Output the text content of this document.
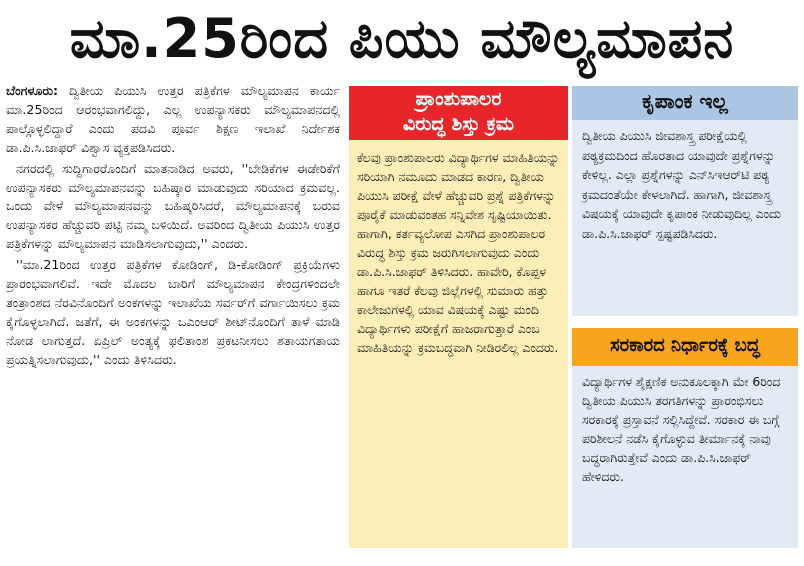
ಮಾ.25ರಿಂದ ಪಿಯು ಮೌಲ್ಯಮಾಪನ

ಬೆಂಗಳೂರು: ದ್ವಿತೀಯ ಪಿಯುಸಿ ಉತ್ತರ ಪತ್ರಿಕೆಗಳ ಮೌಲ್ಯಮಾಪನ ಕಾರ್ಯ ಮಾ.25ರಿಂದ ಆರಂಭವಾಗಲಿದ್ದು, ಎಲ್ಲ ಉಪನ್ಯಾಸಕರು ಮೌಲ್ಯಮಾಪನದಲ್ಲಿ ಪಾಲ್ಗೊಳ್ಳಲಿದ್ದಾರೆ ಎಂದು ಪದವಿ ಪೂರ್ವ ಶಿಕ್ಷಣ ಇಲಾಖೆ ನಿರ್ದೇಶಕ ಡಾ.ಪಿ.ಸಿ.ಜಾಫರ್ ವಿಶ್ವಾಸ ವ್ಯಕ್ತಪಡಿಸಿದರು.

ನಗರದಲ್ಲಿ ಸುದ್ದಿಗಾರರೊಂದಿಗೆ ಮಾತನಾಡಿದ ಅವರು, ''ಬೇಡಿಕೆಗಳ ಈಡೇರಿಕೆಗೆ ಉಪನ್ಯಾಸಕರು ಮೌಲ್ಯಮಾಪನವನ್ನು ಬಹಿಷ್ಕಾರ ಮಾಡುವುದು ಸರಿಯಾದ ಕ್ರಮವಲ್ಲ. ಒಂದು ವೇಳೆ ಮೌಲ್ಯಮಾಪನವನ್ನು ಬಹಿಷ್ಕರಿಸಿದರೆ, ಮೌಲ್ಯಮಾಪನಕ್ಕೆ ಬರುವ ಉಪನ್ಯಾಸಕರ ಹೆಚ್ಚುವರಿ ಪಟ್ಟಿ ನಮ್ಮ ಬಳಿಯಿದೆ. ಅವರಿಂದ ದ್ವಿತೀಯ ಪಿಯುಸಿ ಉತ್ತರ ಪತ್ರಿಕೆಗಳನ್ನು ಮೌಲ್ಯಮಾಪನ ಮಾಡಿಸಲಾಗುವುದು,'' ಎಂದರು.

''ಮಾ.21ರಿಂದ ಉತ್ತರ ಪತ್ರಿಕೆಗಳ ಕೋಡಿಂಗ್, ಡಿ-ಕೋಡಿಂಗ್ ಪ್ರಕ್ರಿಯೆಗಳು ಪ್ರಾರಂಭವಾಗಲಿವೆ. ಇದೇ ಮೊದಲ ಬಾರಿಗೆ ಮೌಲ್ಯಮಾಪನ ಕೇಂದ್ರಗಳಿಂದಲೇ ತಂತ್ರಾಂಶದ ನೆರವಿನೊಂದಿಗೆ ಅಂಕಗಳನ್ನು ಇಲಾಖೆಯ ಸರ್ವರ್‌ಗೆ ವರ್ಗಾಯಿಸಲು ಕ್ರಮ ಕೈಗೊಳ್ಳಲಾಗಿದೆ. ಜತೆಗೆ, ಈ ಅಂಕಗಳನ್ನು ಒಎಂಆರ್ ಶೀಟ್‌ನೊಂದಿಗೆ ತಾಳೆ ಮಾಡಿ ನೋಡ ಲಾಗುತ್ತದೆ. ಏಪ್ರಿಲ್ ಅಂತ್ಯಕ್ಕೆ ಫಲಿತಾಂಶ ಪ್ರಕಟನೀಸಲು ಶತಾಯಗತಾಯ ಪ್ರಯತ್ನಿಸಲಾಗುವುದು,'' ಎಂದು ತಿಳಿಸಿದರು.

ಪ್ರಾಂಶುಪಾಲರ
ವಿರುದ್ಧ ಶಿಸ್ತು ಕ್ರಮ

ಕೆಲವು ಪ್ರಾಂಶುಪಾಲರು ವಿದ್ಯಾರ್ಥಿಗಳ ಮಾಹಿತಿಯನ್ನು ಸರಿಯಾಗಿ ನಮೂದು ಮಾಡದ ಕಾರಣ, ದ್ವಿತೀಯ ಪಿಯುಸಿ ಪರೀಕ್ಷೆ ವೇಳೆ ಹೆಚ್ಚುವರಿ ಪ್ರಶ್ನೆ ಪತ್ರಿಕೆಗಳನ್ನು ಪೂರೈಕೆ ಮಾಡುವಂತಹ ಸನ್ನಿವೇಶ ಸೃಷ್ಟಿಯಾಯಿತು. ಹಾಗಾಗಿ, ಕರ್ತವ್ಯಲೋಪ ಎಸಗಿದ ಪ್ರಾಂಶುಪಾಲರ ವಿರುದ್ಧ ಶಿಸ್ತು ಕ್ರಮ ಜರುಗಿಸಲಾಗುವುದು ಎಂದು ಡಾ.ಪಿ.ಸಿ.ಜಾಫರ್ ತಿಳಿಸಿದರು. ಹಾವೇರಿ, ಕೊಪ್ಪಳ ಹಾಗೂ ಇತರೆ ಕೆಲವು ಜಿಲ್ಲೆಗಳಲ್ಲಿ ಸುಮಾರು ಹತ್ತು ಕಾಲೇಜುಗಳಲ್ಲಿ ಯಾವ ವಿಷಯಕ್ಕೆ ಎಷ್ಟು ಮಂದಿ ವಿದ್ಯಾರ್ಥಿಗಳು ಪರೀಕ್ಷೆಗೆ ಹಾಜರಾಗುತ್ತಾರೆ ಎಂಬ ಮಾಹಿತಿಯನ್ನು ಕ್ರಮಬದ್ಧವಾಗಿ ನೀಡಿರಲಿಲ್ಲ ಎಂದರು.

ಕೃಪಾಂಕ ಇಲ್ಲ

ದ್ವಿತೀಯ ಪಿಯುಸಿ ಜೀವಶಾಸ್ತ್ರ ಪರೀಕ್ಷೆಯಲ್ಲಿ ಪಠ್ಯಕ್ರಮದಿಂದ ಹೊರತಾದ ಯಾವುದೇ ಪ್ರಶ್ನೆಗಳನ್ನು ಕೇಳಿಲ್ಲ. ಎಲ್ಲಾ ಪ್ರಶ್ನೆಗಳನ್ನು ಎನ್‌ಸಿಇಆರ್‌ಟಿ ಪಠ್ಯ ಕ್ರಮದಂತೆಯೇ ಕೇಳಲಾಗಿದೆ. ಹಾಗಾಗಿ, ಜೀವಶಾಸ್ತ್ರ ವಿಷಯಕ್ಕೆ ಯಾವುದೇ ಕೃಪಾಂಕ ನೀಡುವುದಿಲ್ಲ ಎಂದು ಡಾ.ಪಿ.ಸಿ.ಜಾಫರ್ ಸ್ಪಷ್ಟಪಡಿಸಿದರು.

ಸರಕಾರದ ನಿರ್ಧಾರಕ್ಕೆ ಬದ್ಧ

ವಿದ್ಯಾರ್ಥಿಗಳ ಶೈಕ್ಷಣಿಕ ಅನುಕೂಲಕ್ಕಾಗಿ ಮೇ 6ರಿಂದ ದ್ವಿತೀಯ ಪಿಯುಸಿ ತರಗತಿಗಳನ್ನು ಪ್ರಾರಂಭಿಸಲು ಸರಕಾರಕ್ಕೆ ಪ್ರಸ್ತಾವನೆ ಸಲ್ಲಿಸಿದ್ದೇವೆ. ಸರಕಾರ ಈ ಬಗ್ಗೆ ಪರಿಶೀಲನೆ ನಡೆಸಿ ಕೈಗೊಳ್ಳುವ ತೀರ್ಮಾನಕ್ಕೆ ನಾವು ಬದ್ಧರಾಗಿರುತ್ತೇವೆ ಎಂದು ಡಾ.ಪಿ.ಸಿ.ಜಾಫರ್ ಹೇಳಿದರು.
